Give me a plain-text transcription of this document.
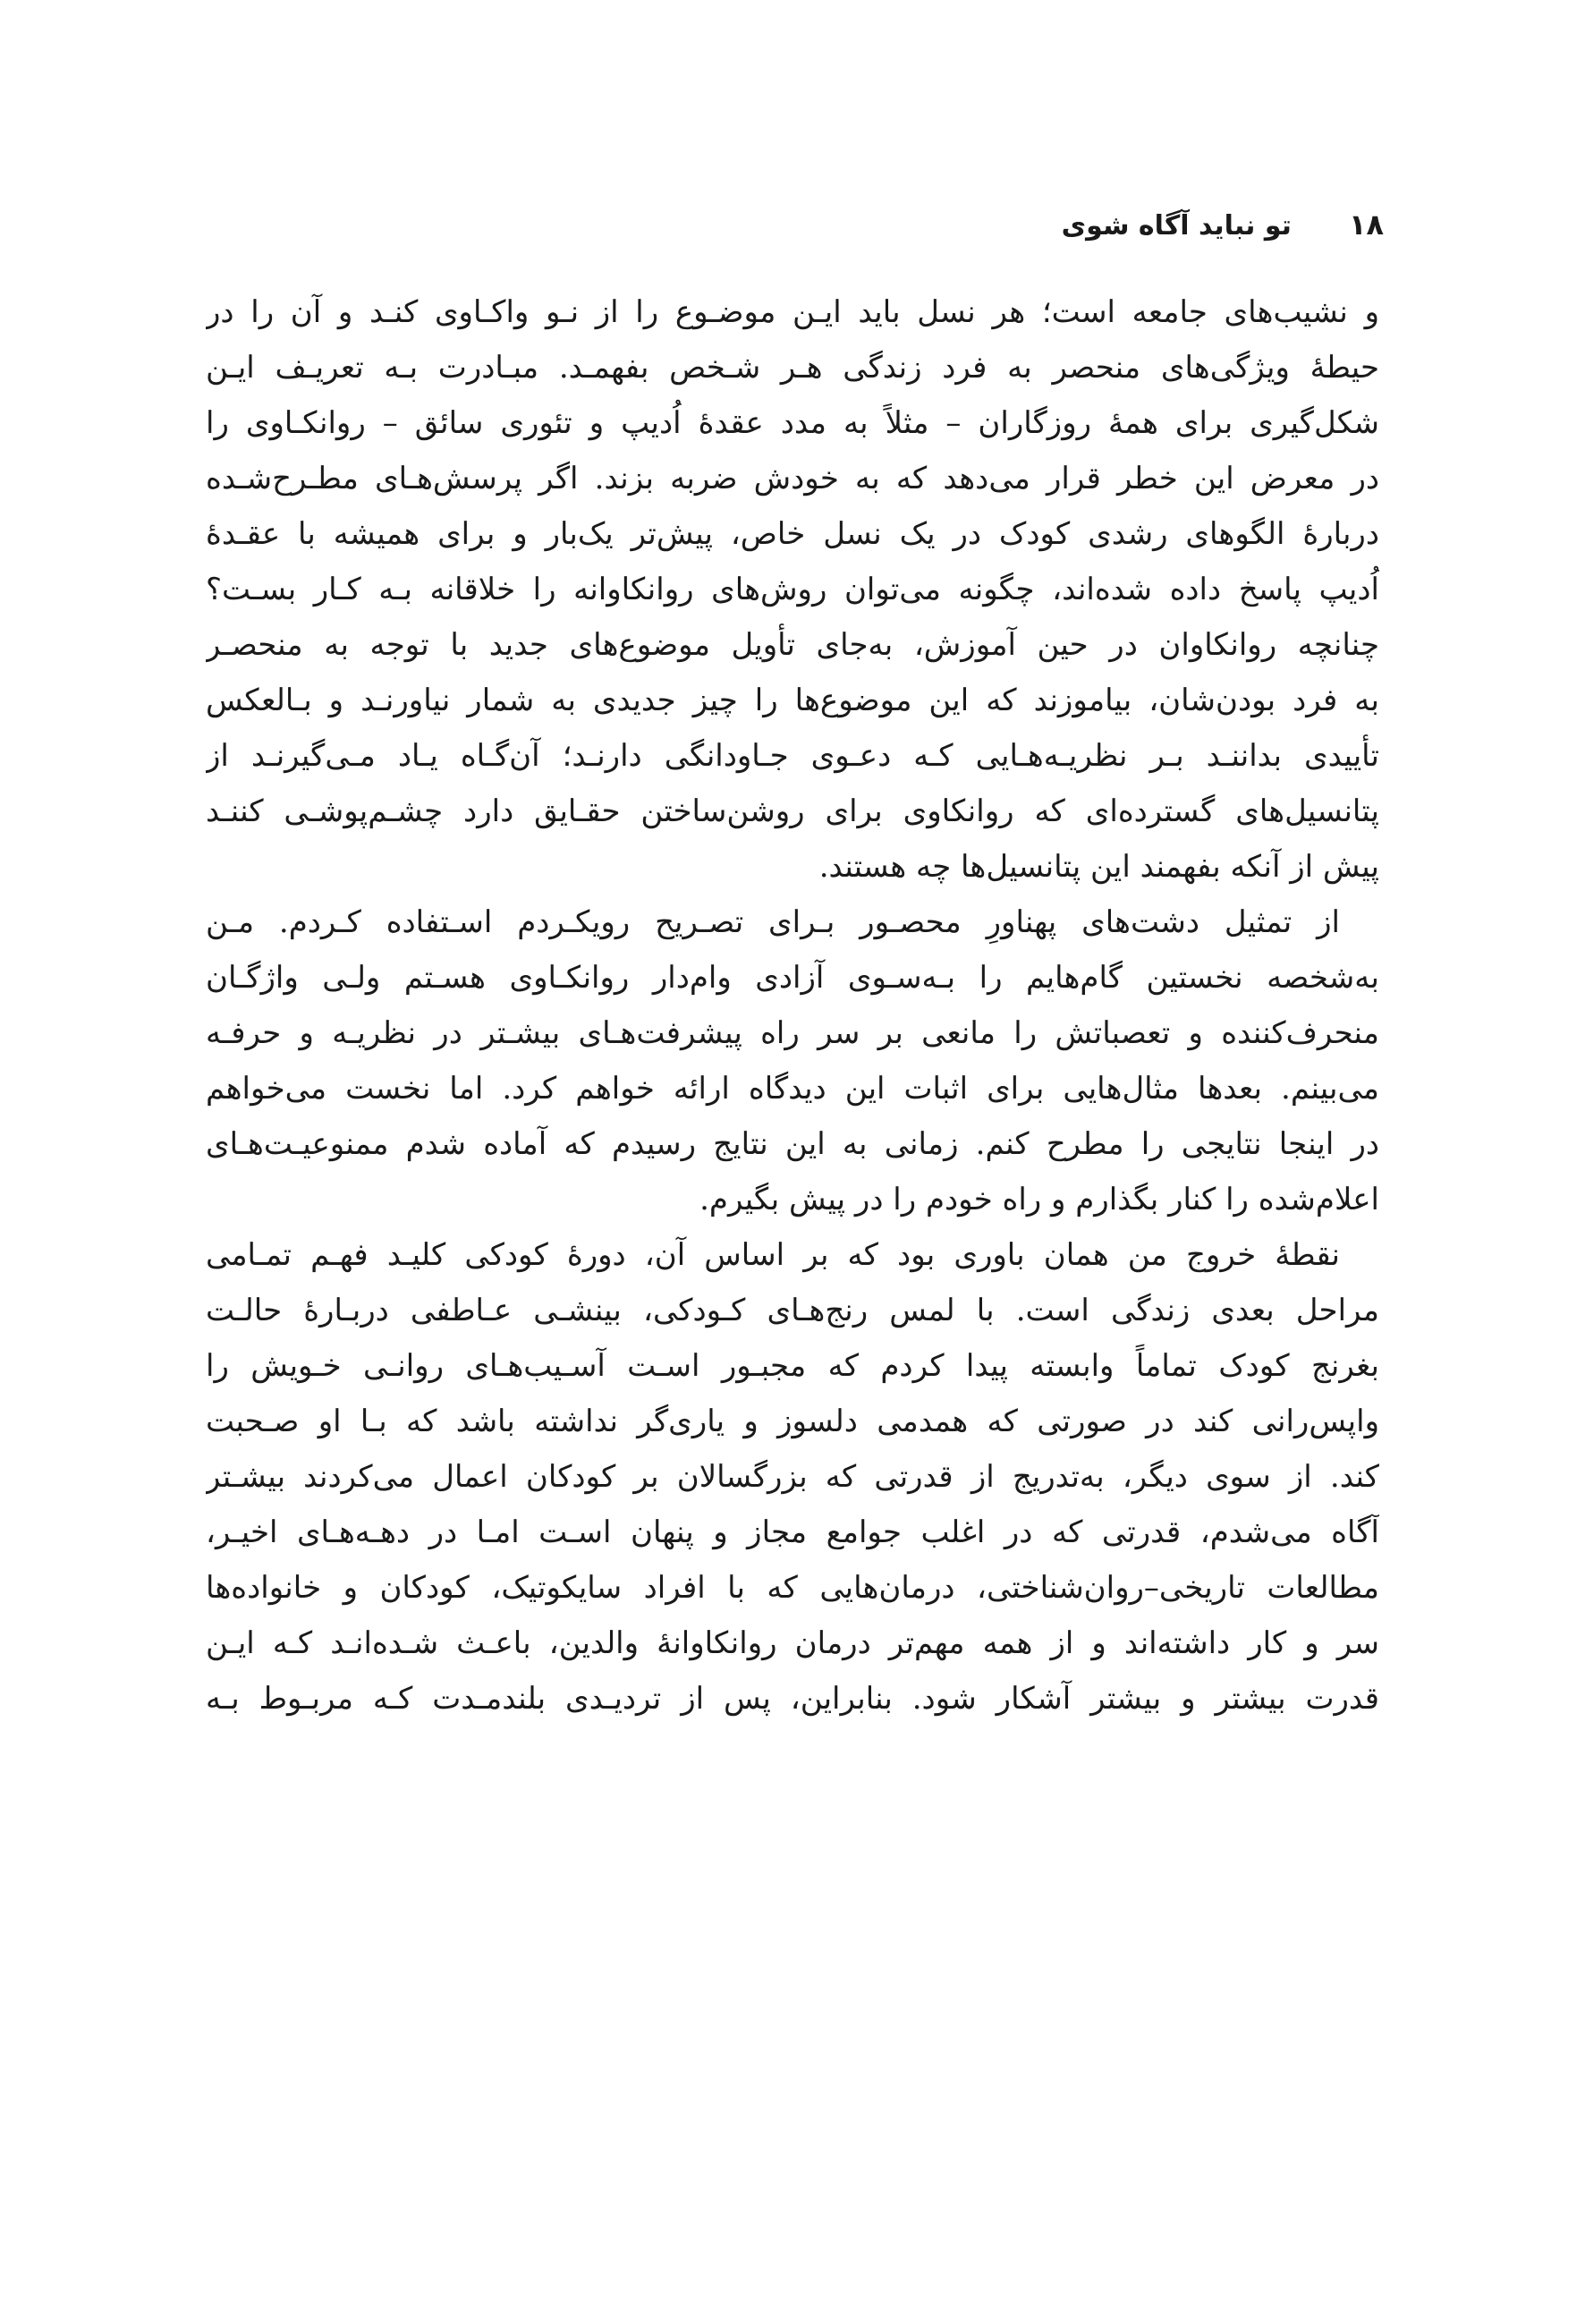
۱۸
تو نباید آگاه شوی
و نشیب‌های جامعه است؛ هر نسل باید ایـن موضـوع را از نـو واکـاوی کنـد و آن را در
حیطهٔ ویژگی‌های منحصر به فرد زندگی هـر شـخص بفهمـد. مبـادرت بـه تعریـف ایـن
شکل‌گیری برای همهٔ روزگاران – مثلاً به مدد عقدهٔ اُدیپ و تئوری سائق – روانکـاوی را
در معرض این خطر قرار می‌دهد که به خودش ضربه بزند. اگر پرسش‌هـای مطـرح‌شـده
دربارهٔ الگوهای رشدی کودک در یک نسل خاص، پیش‌تر یک‌بار و برای همیشه با عقـدهٔ
اُدیپ پاسخ داده شده‌اند، چگونه می‌توان روش‌های روانکاوانه را خلاقانه بـه کـار بسـت؟
چنانچه روانکاوان در حین آموزش، به‌جای تأویل موضوع‌های جدید با توجه به منحصـر
به فرد بودن‌شان، بیاموزند که این موضوع‌ها را چیز جدیدی به شمار نیاورنـد و بـالعکس
تأییدی بداننـد بـر نظریـه‌هـایی کـه دعـوی جـاودانگی دارنـد؛ آن‌گـاه یـاد مـی‌گیرنـد از
پتانسیل‌های گسترده‌ای که روانکاوی برای روشن‌ساختن حقـایق دارد چشـم‌پوشـی کننـد
پیش از آنکه بفهمند این پتانسیل‌ها چه هستند.
از تمثیل دشت‌های پهناورِ محصـور بـرای تصـریح رویکـردم اسـتفاده کـردم. مـن
به‌شخصه نخستین گام‌هایم را بـه‌سـوی آزادی وام‌دار روانکـاوی هسـتم ولـی واژگـان
منحرف‌کننده و تعصباتش را مانعی بر سر راه پیشرفت‌هـای بیشـتر در نظریـه و حرفـه
می‌بینم. بعدها مثال‌هایی برای اثبات این دیدگاه ارائه خواهم کرد. اما نخست می‌خواهم
در اینجا نتایجی را مطرح کنم. زمانی به این نتایج رسیدم که آماده شدم ممنوعیـت‌هـای
اعلام‌شده را کنار بگذارم و راه خودم را در پیش بگیرم.
نقطهٔ خروج من همان باوری بود که بر اساس آن، دورهٔ کودکی کلیـد فهـم تمـامی
مراحل بعدی زندگی است. با لمس رنج‌هـای کـودکی، بینشـی عـاطفی دربـارهٔ حالـت
بغرنج کودک تماماً وابسته پیدا کردم که مجبـور اسـت آسـیب‌هـای روانـی خـویش را
واپس‌رانی کند در صورتی که همدمی دلسوز و یاری‌گر نداشته باشد که بـا او صـحبت
کند. از سوی دیگر، به‌تدریج از قدرتی که بزرگسالان بر کودکان اعمال می‌کردند بیشـتر
آگاه می‌شدم، قدرتی که در اغلب جوامع مجاز و پنهان اسـت امـا در دهـه‌هـای اخیـر،
مطالعات تاریخی–روان‌شناختی، درمان‌هایی که با افراد سایکوتیک، کودکان و خانواده‌ها
سر و کار داشته‌اند و از همه مهم‌تر درمان روانکاوانهٔ والدین، باعـث شـده‌انـد کـه ایـن
قدرت بیشتر و بیشتر آشکار شود. بنابراین، پس از تردیـدی بلندمـدت کـه مربـوط بـه
